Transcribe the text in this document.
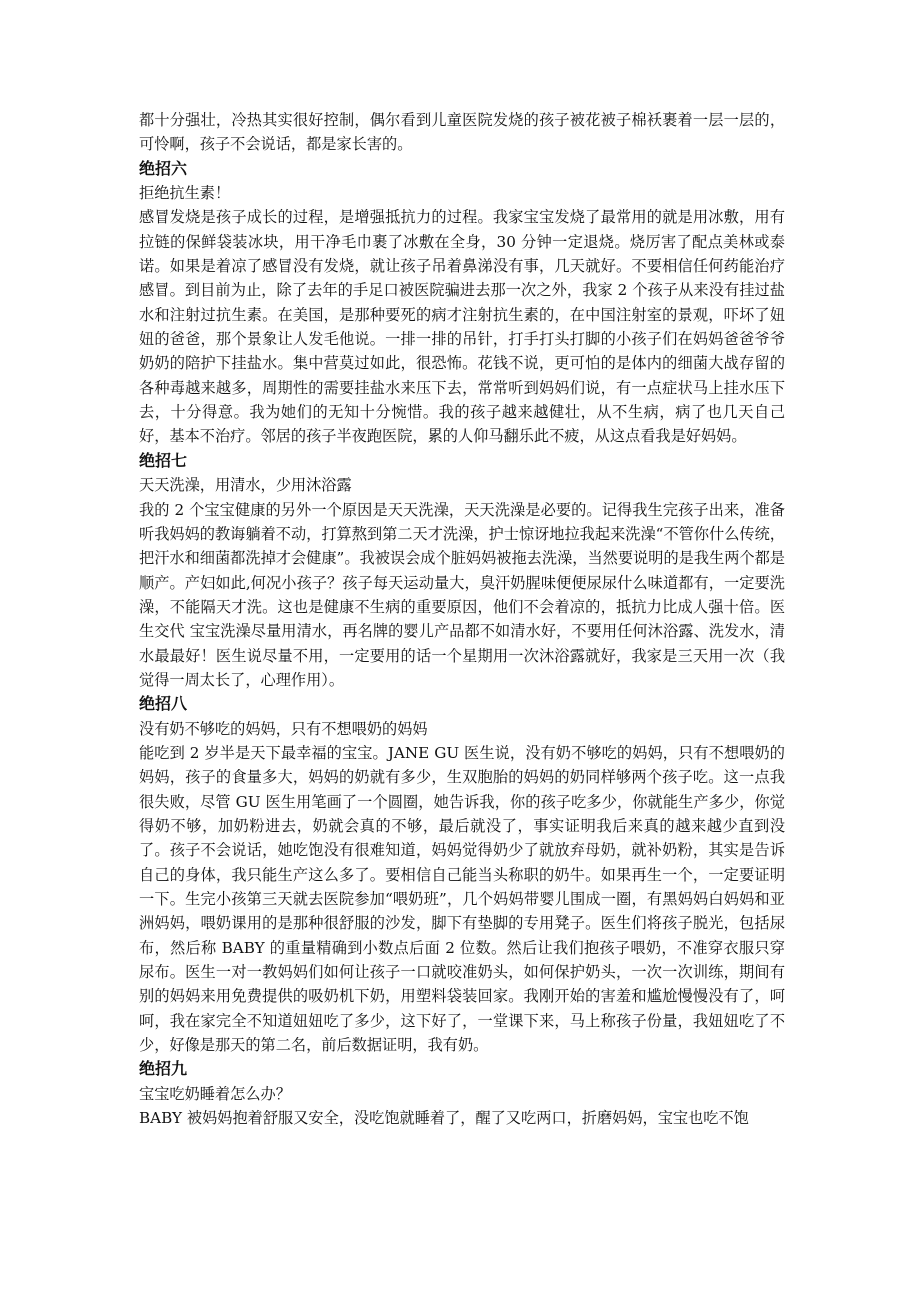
都十分强壮，冷热其实很好控制，偶尔看到儿童医院发烧的孩子被花被子棉袄裹着一层一层的，可怜啊，孩子不会说话，都是家长害的。

绝招六

拒绝抗生素！

感冒发烧是孩子成长的过程，是增强抵抗力的过程。我家宝宝发烧了最常用的就是用冰敷，用有拉链的保鲜袋装冰块，用干净毛巾裹了冰敷在全身，30 分钟一定退烧。烧厉害了配点美林或泰诺。如果是着凉了感冒没有发烧，就让孩子吊着鼻涕没有事，几天就好。不要相信任何药能治疗感冒。到目前为止，除了去年的手足口被医院骗进去那一次之外，我家 2 个孩子从来没有挂过盐水和注射过抗生素。在美国，是那种要死的病才注射抗生素的，在中国注射室的景观，吓坏了妞妞的爸爸，那个景象让人发毛他说。一排一排的吊针，打手打头打脚的小孩子们在妈妈爸爸爷爷奶奶的陪护下挂盐水。集中营莫过如此，很恐怖。花钱不说，更可怕的是体内的细菌大战存留的各种毒越来越多，周期性的需要挂盐水来压下去，常常听到妈妈们说，有一点症状马上挂水压下去，十分得意。我为她们的无知十分惋惜。我的孩子越来越健壮，从不生病，病了也几天自己好，基本不治疗。邻居的孩子半夜跑医院，累的人仰马翻乐此不疲，从这点看我是好妈妈。

绝招七

天天洗澡，用清水，少用沐浴露

我的 2 个宝宝健康的另外一个原因是天天洗澡，天天洗澡是必要的。记得我生完孩子出来，准备听我妈妈的教诲躺着不动，打算熬到第二天才洗澡，护士惊讶地拉我起来洗澡“不管你什么传统，把汗水和细菌都洗掉才会健康”。我被误会成个脏妈妈被拖去洗澡，当然要说明的是我生两个都是顺产。产妇如此,何况小孩子？孩子每天运动量大，臭汗奶腥味便便尿尿什么味道都有，一定要洗澡，不能隔天才洗。这也是健康不生病的重要原因，他们不会着凉的，抵抗力比成人强十倍。医生交代 宝宝洗澡尽量用清水，再名牌的婴儿产品都不如清水好，不要用任何沐浴露、洗发水，清水最最好！医生说尽量不用，一定要用的话一个星期用一次沐浴露就好，我家是三天用一次（我觉得一周太长了，心理作用）。

绝招八

没有奶不够吃的妈妈，只有不想喂奶的妈妈

能吃到 2 岁半是天下最幸福的宝宝。JANE GU 医生说，没有奶不够吃的妈妈，只有不想喂奶的妈妈，孩子的食量多大，妈妈的奶就有多少，生双胞胎的妈妈的奶同样够两个孩子吃。这一点我很失败，尽管 GU 医生用笔画了一个圆圈，她告诉我，你的孩子吃多少，你就能生产多少，你觉得奶不够，加奶粉进去，奶就会真的不够，最后就没了，事实证明我后来真的越来越少直到没了。孩子不会说话，她吃饱没有很难知道，妈妈觉得奶少了就放弃母奶，就补奶粉，其实是告诉自己的身体，我只能生产这么多了。要相信自己能当头称职的奶牛。如果再生一个，一定要证明一下。生完小孩第三天就去医院参加“喂奶班”，几个妈妈带婴儿围成一圈，有黑妈妈白妈妈和亚洲妈妈，喂奶课用的是那种很舒服的沙发，脚下有垫脚的专用凳子。医生们将孩子脱光，包括尿布，然后称 BABY 的重量精确到小数点后面 2 位数。然后让我们抱孩子喂奶，不准穿衣服只穿尿布。医生一对一教妈妈们如何让孩子一口就咬准奶头，如何保护奶头，一次一次训练，期间有别的妈妈来用免费提供的吸奶机下奶，用塑料袋装回家。我刚开始的害羞和尴尬慢慢没有了，呵呵，我在家完全不知道妞妞吃了多少，这下好了，一堂课下来，马上称孩子份量，我妞妞吃了不少，好像是那天的第二名，前后数据证明，我有奶。

绝招九

宝宝吃奶睡着怎么办？

BABY 被妈妈抱着舒服又安全，没吃饱就睡着了，醒了又吃两口，折磨妈妈，宝宝也吃不饱
